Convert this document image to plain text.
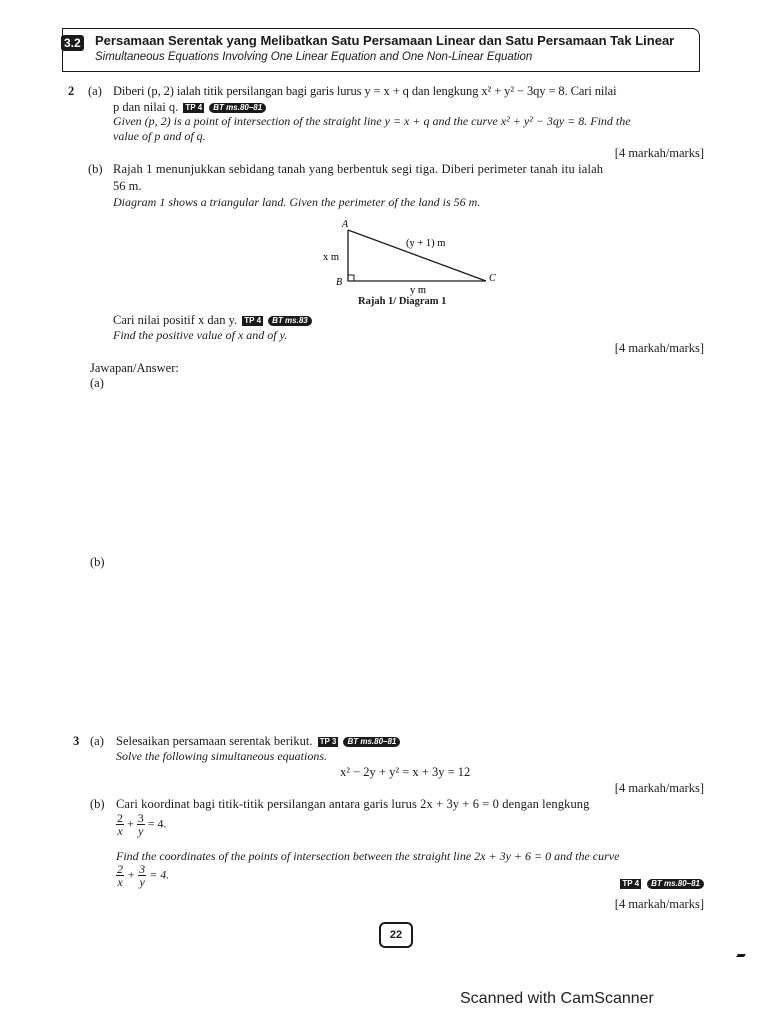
3.2 Persamaan Serentak yang Melibatkan Satu Persamaan Linear dan Satu Persamaan Tak Linear
Simultaneous Equations Involving One Linear Equation and One Non-Linear Equation
2 (a) Diberi (p, 2) ialah titik persilangan bagi garis lurus y = x + q dan lengkung x² + y² − 3qy = 8. Cari nilai
p dan nilai q. TP 4 BT ms.80–81
Given (p, 2) is a point of intersection of the straight line y = x + q and the curve x² + y² − 3qy = 8. Find the
value of p and of q.
[4 markah/marks]
(b) Rajah 1 menunjukkan sebidang tanah yang berbentuk segi tiga. Diberi perimeter tanah itu ialah
56 m.
Diagram 1 shows a triangular land. Given the perimeter of the land is 56 m.
A
B	C
x m
y m
(y + 1) m
Rajah 1/ Diagram 1
Cari nilai positif x dan y. TP 4 BT ms.83
Find the positive value of x and of y.
[4 markah/marks]
Jawapan/Answer:
(a)
(b)
3 (a) Selesaikan persamaan serentak berikut. TP 3 BT ms.80–81
Solve the following simultaneous equations.
x² − 2y + y² = x + 3y = 12
[4 markah/marks]
(b) Cari koordinat bagi titik-titik persilangan antara garis lurus 2x + 3y + 6 = 0 dengan lengkung
$\frac{2}{x} + \frac{3}{y} = 4$.
Find the coordinates of the points of intersection between the straight line 2x + 3y + 6 = 0 and the curve
$\frac{2}{x} + \frac{3}{y} = 4$.
TP 4 BT ms.80–81
[4 markah/marks]
22
Scanned with CamScanner
